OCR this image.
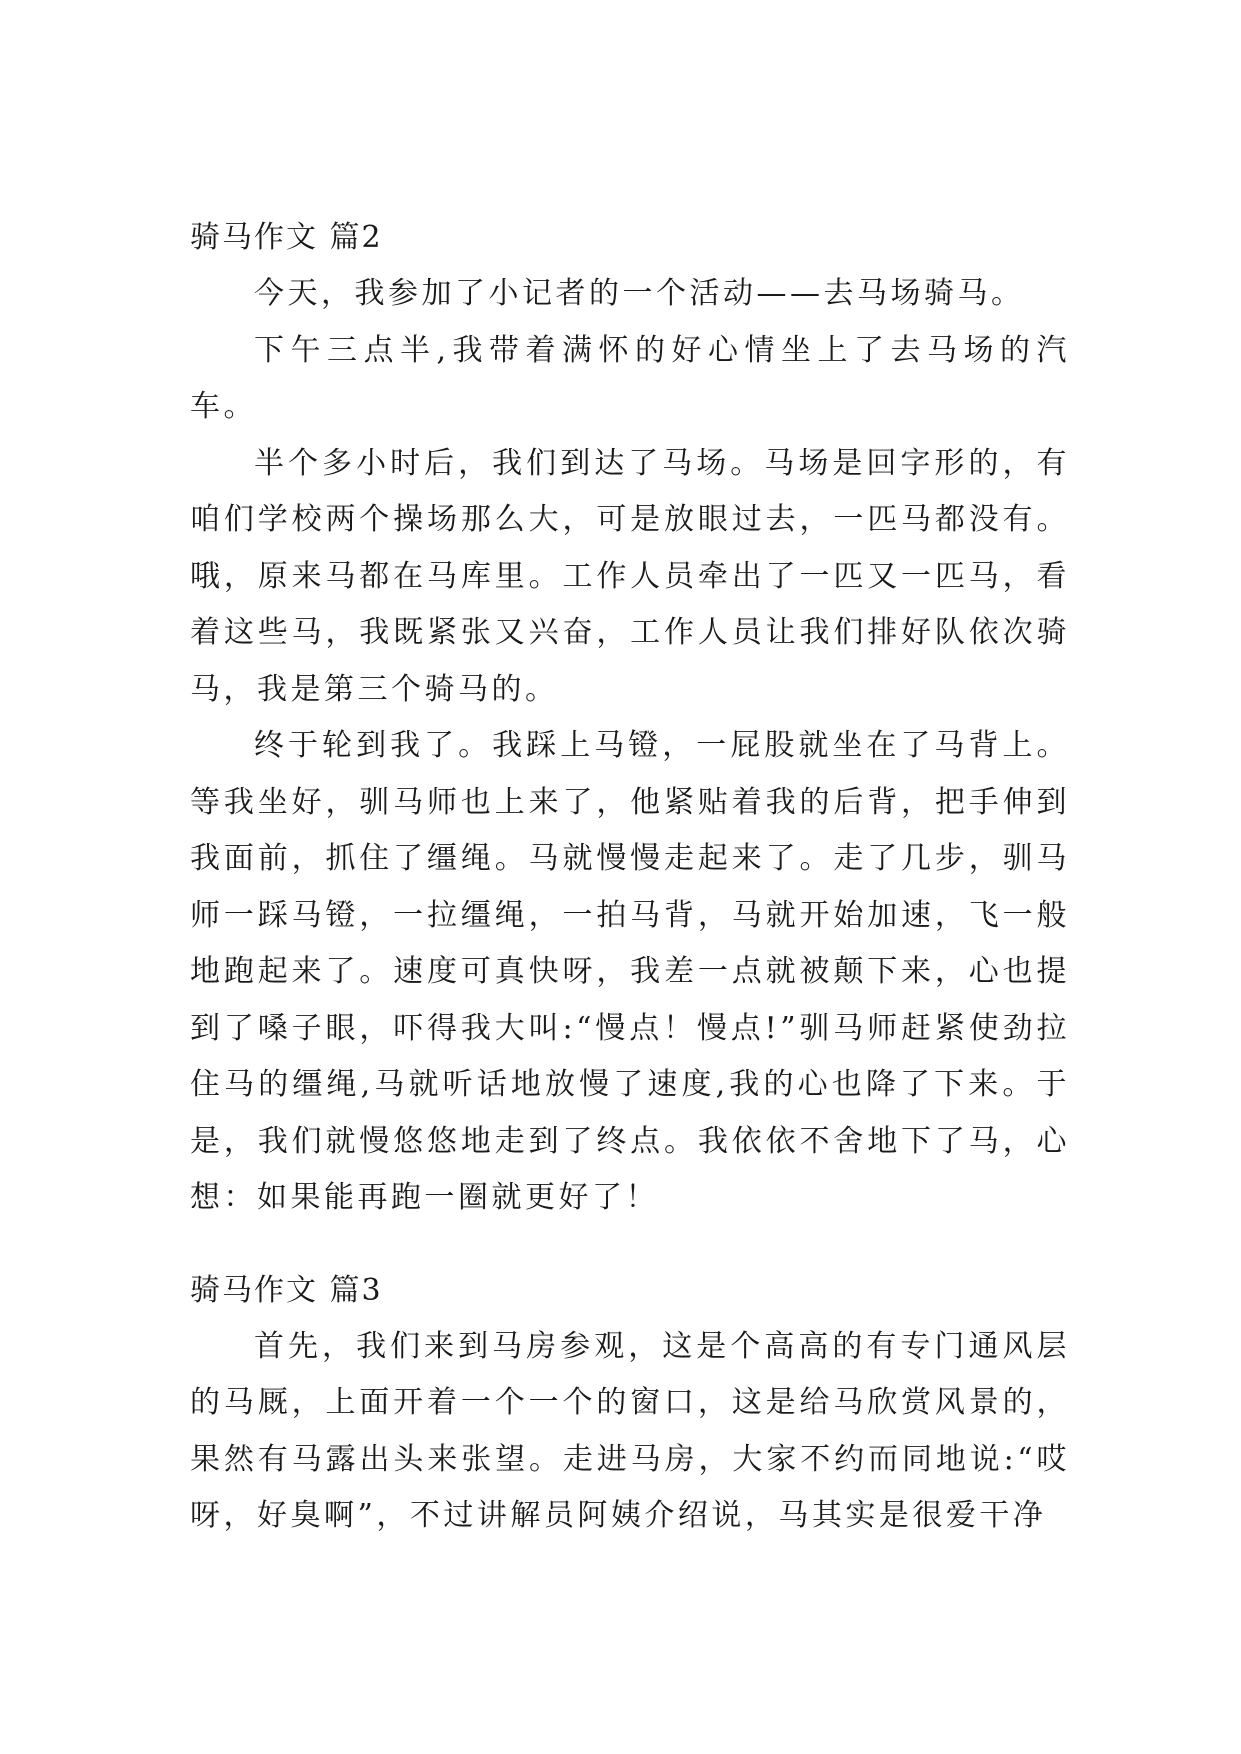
骑马作文 篇2

今天，我参加了小记者的一个活动——去马场骑马。

下午三点半,我带着满怀的好心情坐上了去马场的汽车。

半个多小时后，我们到达了马场。马场是回字形的，有咱们学校两个操场那么大，可是放眼过去，一匹马都没有。哦，原来马都在马库里。工作人员牵出了一匹又一匹马，看着这些马，我既紧张又兴奋，工作人员让我们排好队依次骑马，我是第三个骑马的。

终于轮到我了。我踩上马镫，一屁股就坐在了马背上。等我坐好，驯马师也上来了，他紧贴着我的后背，把手伸到我面前，抓住了缰绳。马就慢慢走起来了。走了几步，驯马师一踩马镫，一拉缰绳，一拍马背，马就开始加速，飞一般地跑起来了。速度可真快呀，我差一点就被颠下来，心也提到了嗓子眼，吓得我大叫:“慢点！慢点!”驯马师赶紧使劲拉住马的缰绳,马就听话地放慢了速度,我的心也降了下来。于是，我们就慢悠悠地走到了终点。我依依不舍地下了马，心想：如果能再跑一圈就更好了！

骑马作文 篇3

首先，我们来到马房参观，这是个高高的有专门通风层的马厩，上面开着一个一个的窗口，这是给马欣赏风景的，果然有马露出头来张望。走进马房，大家不约而同地说:“哎呀，好臭啊”，不过讲解员阿姨介绍说，马其实是很爱干净
